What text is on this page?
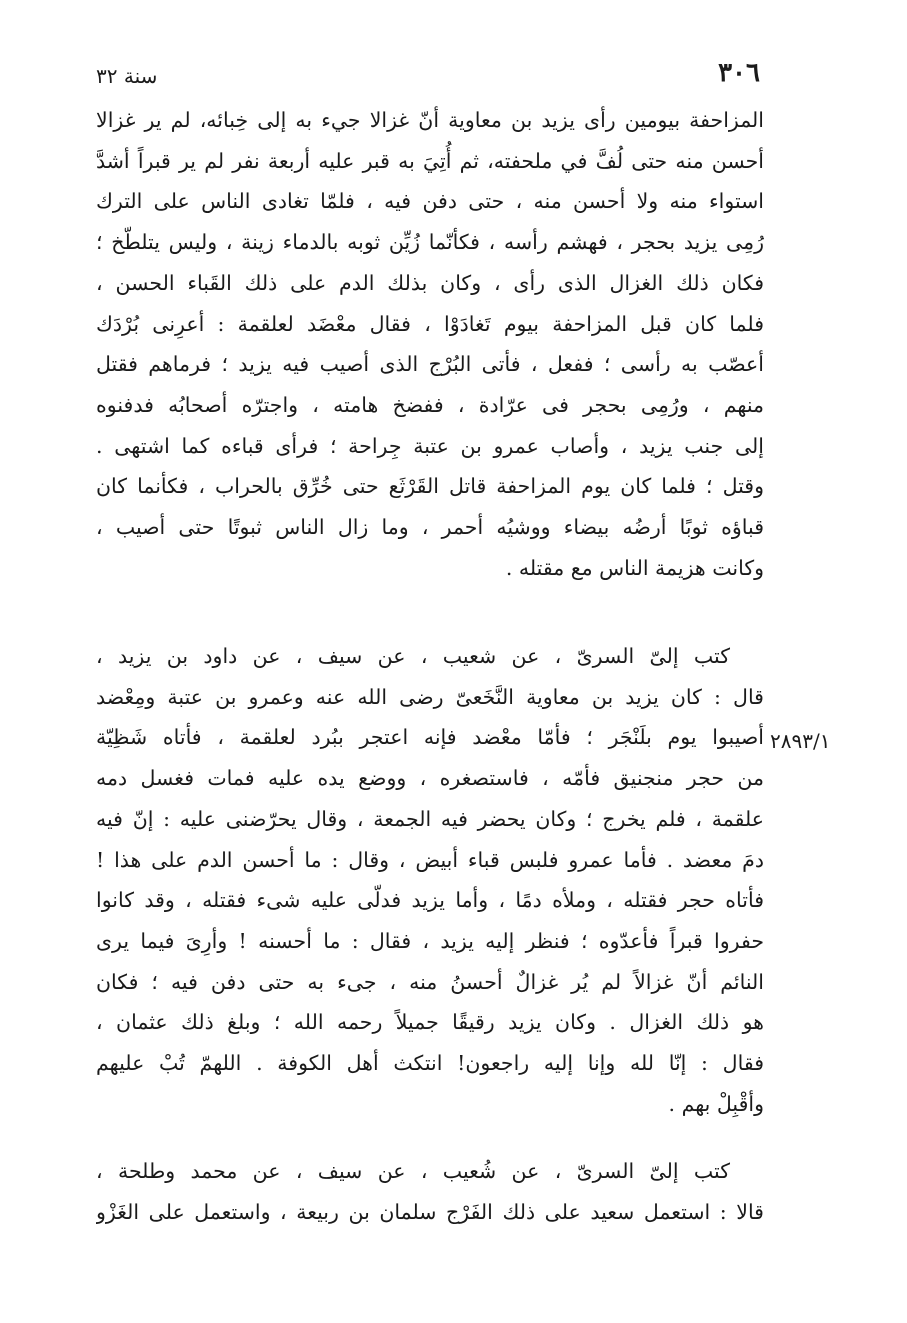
٣٠٦
سنة ٣٢
المزاحفة بيومين رأى يزيد بن معاوية أنّ غزالا جيء به إلى خِبائه، لم ير غزالا
أحسن منه حتى لُفَّ في ملحفته، ثم أُتِيَ به قبر عليه أربعة نفر لم ير قبراً أشدَّ
استواء منه ولا أحسن منه ، حتى دفن فيه ، فلمّا تغادى الناس على الترك
رُمِى يزيد بحجر ، فهشم رأسه ، فكأنّما زُيِّن ثوبه بالدماء زينة ، وليس يتلطّخ ؛
فكان ذلك الغزال الذى رأى ، وكان بذلك الدم على ذلك القَباء الحسن ،
فلما كان قبل المزاحفة بيوم تَغادَوْا ، فقال معْضَد لعلقمة : أعرِنى بُرْدَك
أعصّب به رأسى ؛ ففعل ، فأتى البُرْج الذى أصيب فيه يزيد ؛ فرماهم فقتل
منهم ، ورُمِى بحجر فى عرّادة ، ففضخ هامته ، واجترّه أصحابُه فدفنوه
إلى جنب يزيد ، وأصاب عمرو بن عتبة جِراحة ؛ فرأى قباءه كما اشتهى .
وقتل ؛ فلما كان يوم المزاحفة قاتل القَرْثَع حتى خُرِّق بالحراب ، فكأنما كان
قباؤه ثوبًا أرضُه بيضاء ووشيُه أحمر ، وما زال الناس ثبوتًا حتى أصيب ،
وكانت هزيمة الناس مع مقتله .
كتب إلىّ السرىّ ، عن شعيب ، عن سيف ، عن داود بن يزيد ،
قال : كان يزيد بن معاوية النَّخَعىّ رضى الله عنه وعمرو بن عتبة ومِعْضد
أصيبوا يوم بلَنْجَر ؛ فأمّا معْضد فإنه اعتجر ببُرد لعلقمة ، فأتاه شَظِيّة
من حجر منجنيق فأمّه ، فاستصغره ، ووضع يده عليه فمات فغسل دمه
علقمة ، فلم يخرج ؛ وكان يحضر فيه الجمعة ، وقال يحرّضنى عليه : إنّ فيه
دمَ معضد . فأما عمرو فلبس قباء أبيض ، وقال : ما أحسن الدم على هذا !
فأتاه حجر فقتله ، وملأه دمًا ، وأما يزيد فدلّى عليه شىء فقتله ، وقد كانوا
حفروا قبراً فأعدّوه ؛ فنظر إليه يزيد ، فقال : ما أحسنه ! وأرِىَ فيما يرى
النائم أنّ غزالاً لم يُر غزالٌ أحسنُ منه ، جىء به حتى دفن فيه ؛ فكان
هو ذلك الغزال . وكان يزيد رقيقًا جميلاً رحمه الله ؛ وبلغ ذلك عثمان ،
فقال : إنّا لله وإنا إليه راجعون! انتكث أهل الكوفة . اللهمّ تُبْ عليهم
وأقْبِلْ بهم .
٢٨٩٣/١
كتب إلىّ السرىّ ، عن شُعيب ، عن سيف ، عن محمد وطلحة ،
قالا : استعمل سعيد على ذلك الفَرْج سلمان بن ربيعة ، واستعمل على الغَزْو
